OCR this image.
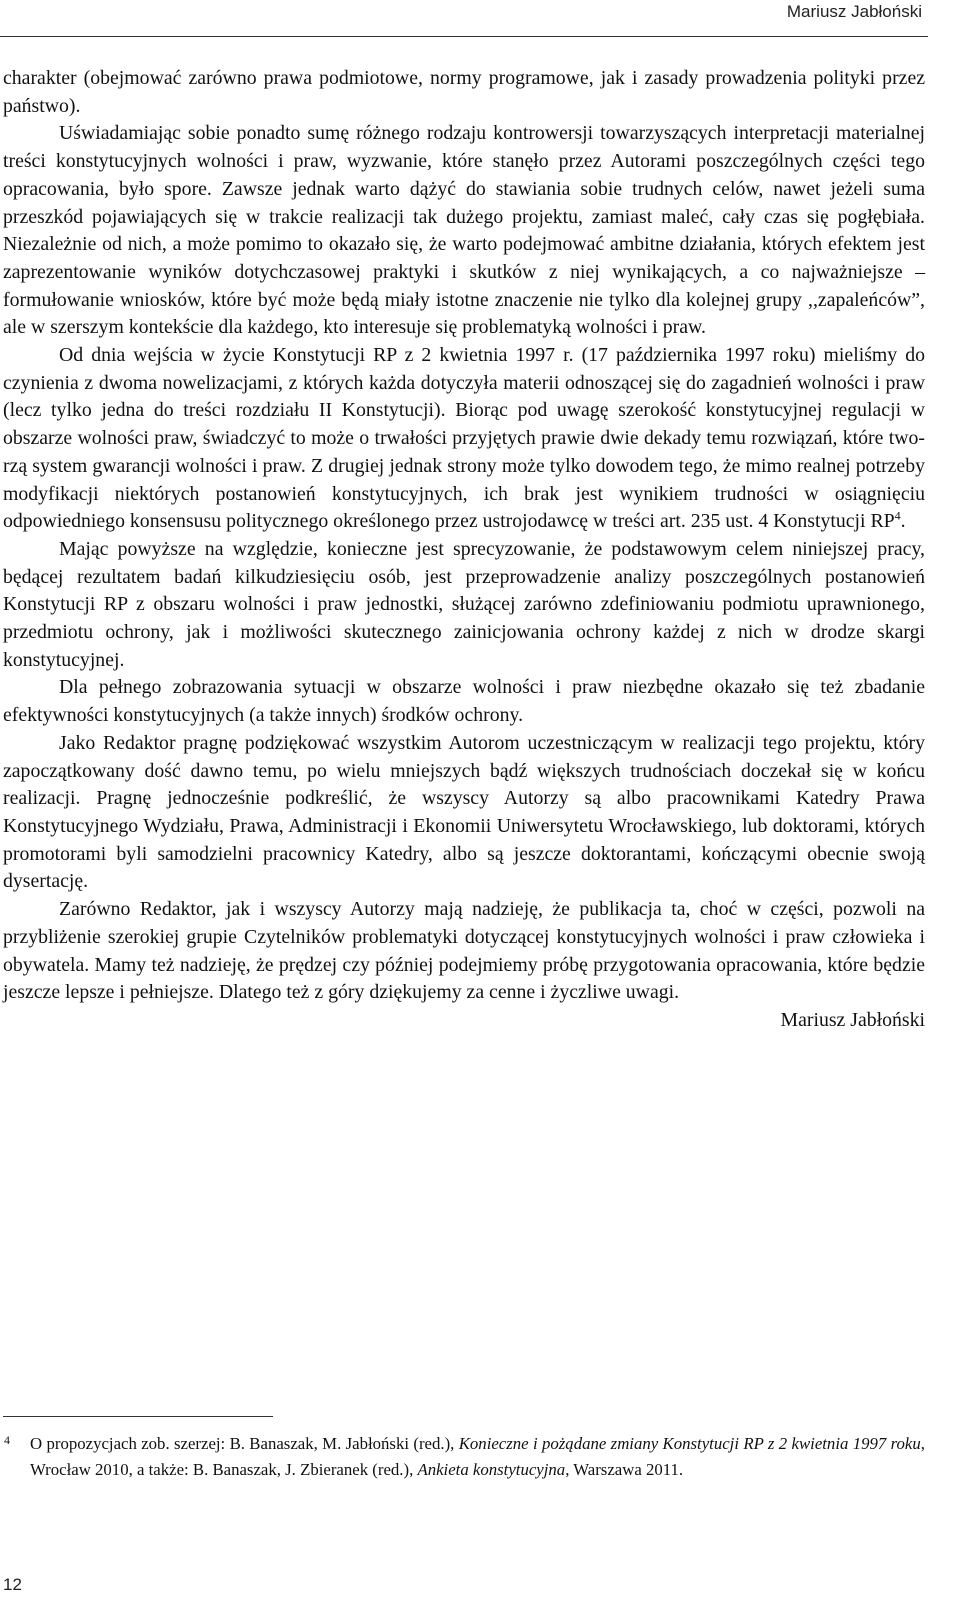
Mariusz Jabłoński

charakter (obejmować zarówno prawa podmiotowe, normy programowe, jak i zasady prowadzenia polityki przez państwo).

Uświadamiając sobie ponadto sumę różnego rodzaju kontrowersji towarzyszących interpretacji materialnej treści konstytucyjnych wolności i praw, wyzwanie, które stanęło przez Autorami poszczególnych części tego opracowania, było spore. Zawsze jednak warto dążyć do stawiania sobie trudnych celów, nawet jeżeli suma przeszkód pojawiających się w trakcie realizacji tak dużego projektu, zamiast maleć, cały czas się pogłębiała. Niezależnie od nich, a może pomimo to okazało się, że warto podejmować ambitne działania, których efektem jest zaprezentowanie wyników dotychczasowej praktyki i skutków z niej wynikających, a co najważniejsze – formułowanie wniosków, które być może będą miały istotne znaczenie nie tylko dla kolejnej grupy ,,zapaleńców”, ale w szerszym kontekście dla każdego, kto interesuje się problematyką wolności i praw.

Od dnia wejścia w życie Konstytucji RP z 2 kwietnia 1997 r. (17 października 1997 roku) mieliśmy do czynienia z dwoma nowelizacjami, z których każda dotyczyła materii odnoszącej się do zagadnień wolności i praw (lecz tylko jedna do treści rozdziału II Konstytucji). Biorąc pod uwagę szerokość konstytucyjnej regulacji w obszarze wolności praw, świadczyć to może o trwałości przyjętych prawie dwie dekady temu rozwiązań, które tworzą system gwarancji wolności i praw. Z drugiej jednak strony może tylko dowodem tego, że mimo realnej potrzeby modyfikacji niektórych postanowień konstytucyjnych, ich brak jest wynikiem trudności w osiągnięciu odpowiedniego konsensusu politycznego określonego przez ustrojodawcę w treści art. 235 ust. 4 Konstytucji RP$^4$.

Mając powyższe na względzie, konieczne jest sprecyzowanie, że podstawowym celem niniejszej pracy, będącej rezultatem badań kilkudziesięciu osób, jest przeprowadzenie analizy poszczególnych postanowień Konstytucji RP z obszaru wolności i praw jednostki, służącej zarówno zdefiniowaniu podmiotu uprawnionego, przedmiotu ochrony, jak i możliwości skutecznego zainicjowania ochrony każdej z nich w drodze skargi konstytucyjnej.

Dla pełnego zobrazowania sytuacji w obszarze wolności i praw niezbędne okazało się też zbadanie efektywności konstytucyjnych (a także innych) środków ochrony.

Jako Redaktor pragnę podziękować wszystkim Autorom uczestniczącym w realizacji tego projektu, który zapoczątkowany dość dawno temu, po wielu mniejszych bądź większych trudnościach doczekał się w końcu realizacji. Pragnę jednocześnie podkreślić, że wszyscy Autorzy są albo pracownikami Katedry Prawa Konstytucyjnego Wydziału, Prawa, Administracji i Ekonomii Uniwersytetu Wrocławskiego, lub doktorami, których promotorami byli samodzielni pracownicy Katedry, albo są jeszcze doktorantami, kończącymi obecnie swoją dysertację.

Zarówno Redaktor, jak i wszyscy Autorzy mają nadzieję, że publikacja ta, choć w części, pozwoli na przybliżenie szerokiej grupie Czytelników problematyki dotyczącej konstytucyjnych wolności i praw człowieka i obywatela. Mamy też nadzieję, że prędzej czy później podejmiemy próbę przygotowania opracowania, które będzie jeszcze lepsze i pełniejsze. Dlatego też z góry dziękujemy za cenne i życzliwe uwagi.

Mariusz Jabłoński

4	O propozycjach zob. szerzej: B. Banaszak, M. Jabłoński (red.), Konieczne i pożądane zmiany Konstytucji RP z 2 kwietnia 1997 roku, Wrocław 2010, a także: B. Banaszak, J. Zbieranek (red.), Ankieta konstytucyjna, Warszawa 2011.
12
